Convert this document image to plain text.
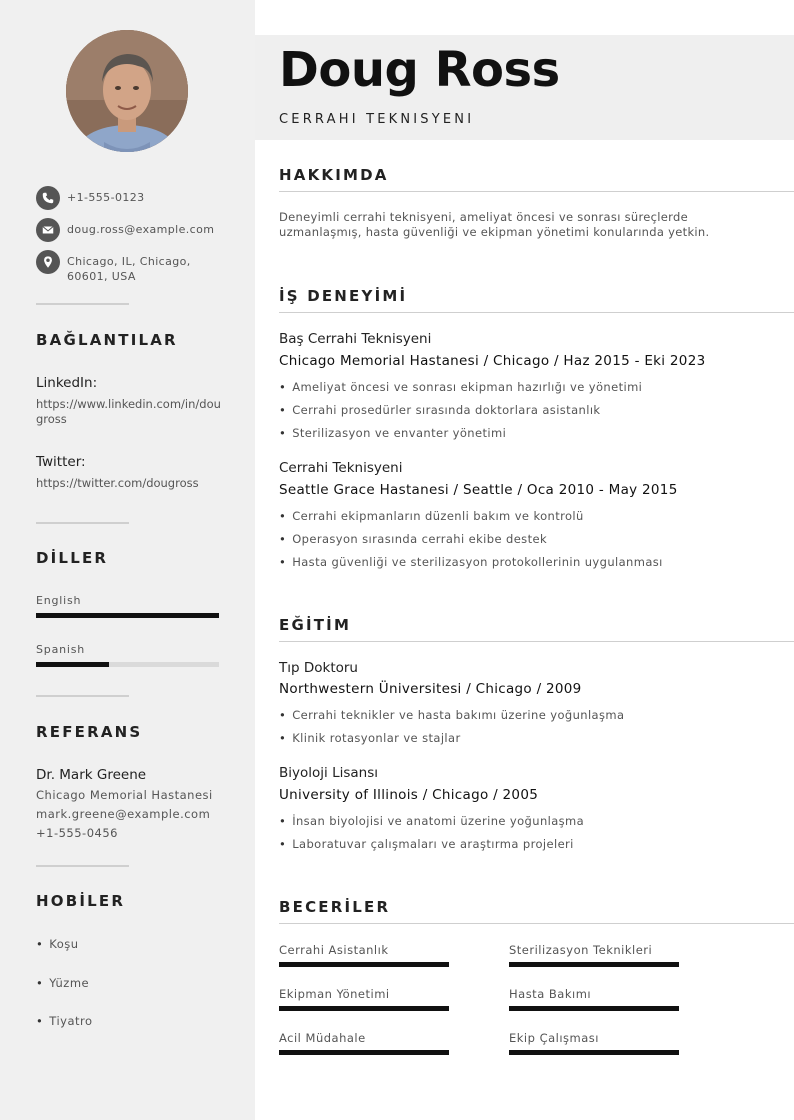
+1-555-0123
doug.ross@example.com
Chicago, IL, Chicago, 60601, USA
BAĞLANTILAR
LinkedIn:
https://www.linkedin.com/in/dougross
Twitter:
https://twitter.com/dougross
DİLLER
English
Spanish
REFERANS
Dr. Mark Greene
Chicago Memorial Hastanesi
mark.greene@example.com
+1-555-0456
HOBİLER
• Koşu
• Yüzme
• Tiyatro
Doug Ross
CERRAHI TEKNISYENI
HAKKIMDA
Deneyimli cerrahi teknisyeni, ameliyat öncesi ve sonrası süreçlerde uzmanlaşmış, hasta güvenliği ve ekipman yönetimi konularında yetkin.
İŞ DENEYİMİ
Baş Cerrahi Teknisyeni
Chicago Memorial Hastanesi / Chicago / Haz 2015 - Eki 2023
• Ameliyat öncesi ve sonrası ekipman hazırlığı ve yönetimi
• Cerrahi prosedürler sırasında doktorlara asistanlık
• Sterilizasyon ve envanter yönetimi
Cerrahi Teknisyeni
Seattle Grace Hastanesi / Seattle / Oca 2010 - May 2015
• Cerrahi ekipmanların düzenli bakım ve kontrolü
• Operasyon sırasında cerrahi ekibe destek
• Hasta güvenliği ve sterilizasyon protokollerinin uygulanması
EĞİTİM
Tıp Doktoru
Northwestern Üniversitesi / Chicago / 2009
• Cerrahi teknikler ve hasta bakımı üzerine yoğunlaşma
• Klinik rotasyonlar ve stajlar
Biyoloji Lisansı
University of Illinois / Chicago / 2005
• İnsan biyolojisi ve anatomi üzerine yoğunlaşma
• Laboratuvar çalışmaları ve araştırma projeleri
BECERİLER
Cerrahi Asistanlık	Sterilizasyon Teknikleri
Ekipman Yönetimi	Hasta Bakımı
Acil Müdahale	Ekip Çalışması
